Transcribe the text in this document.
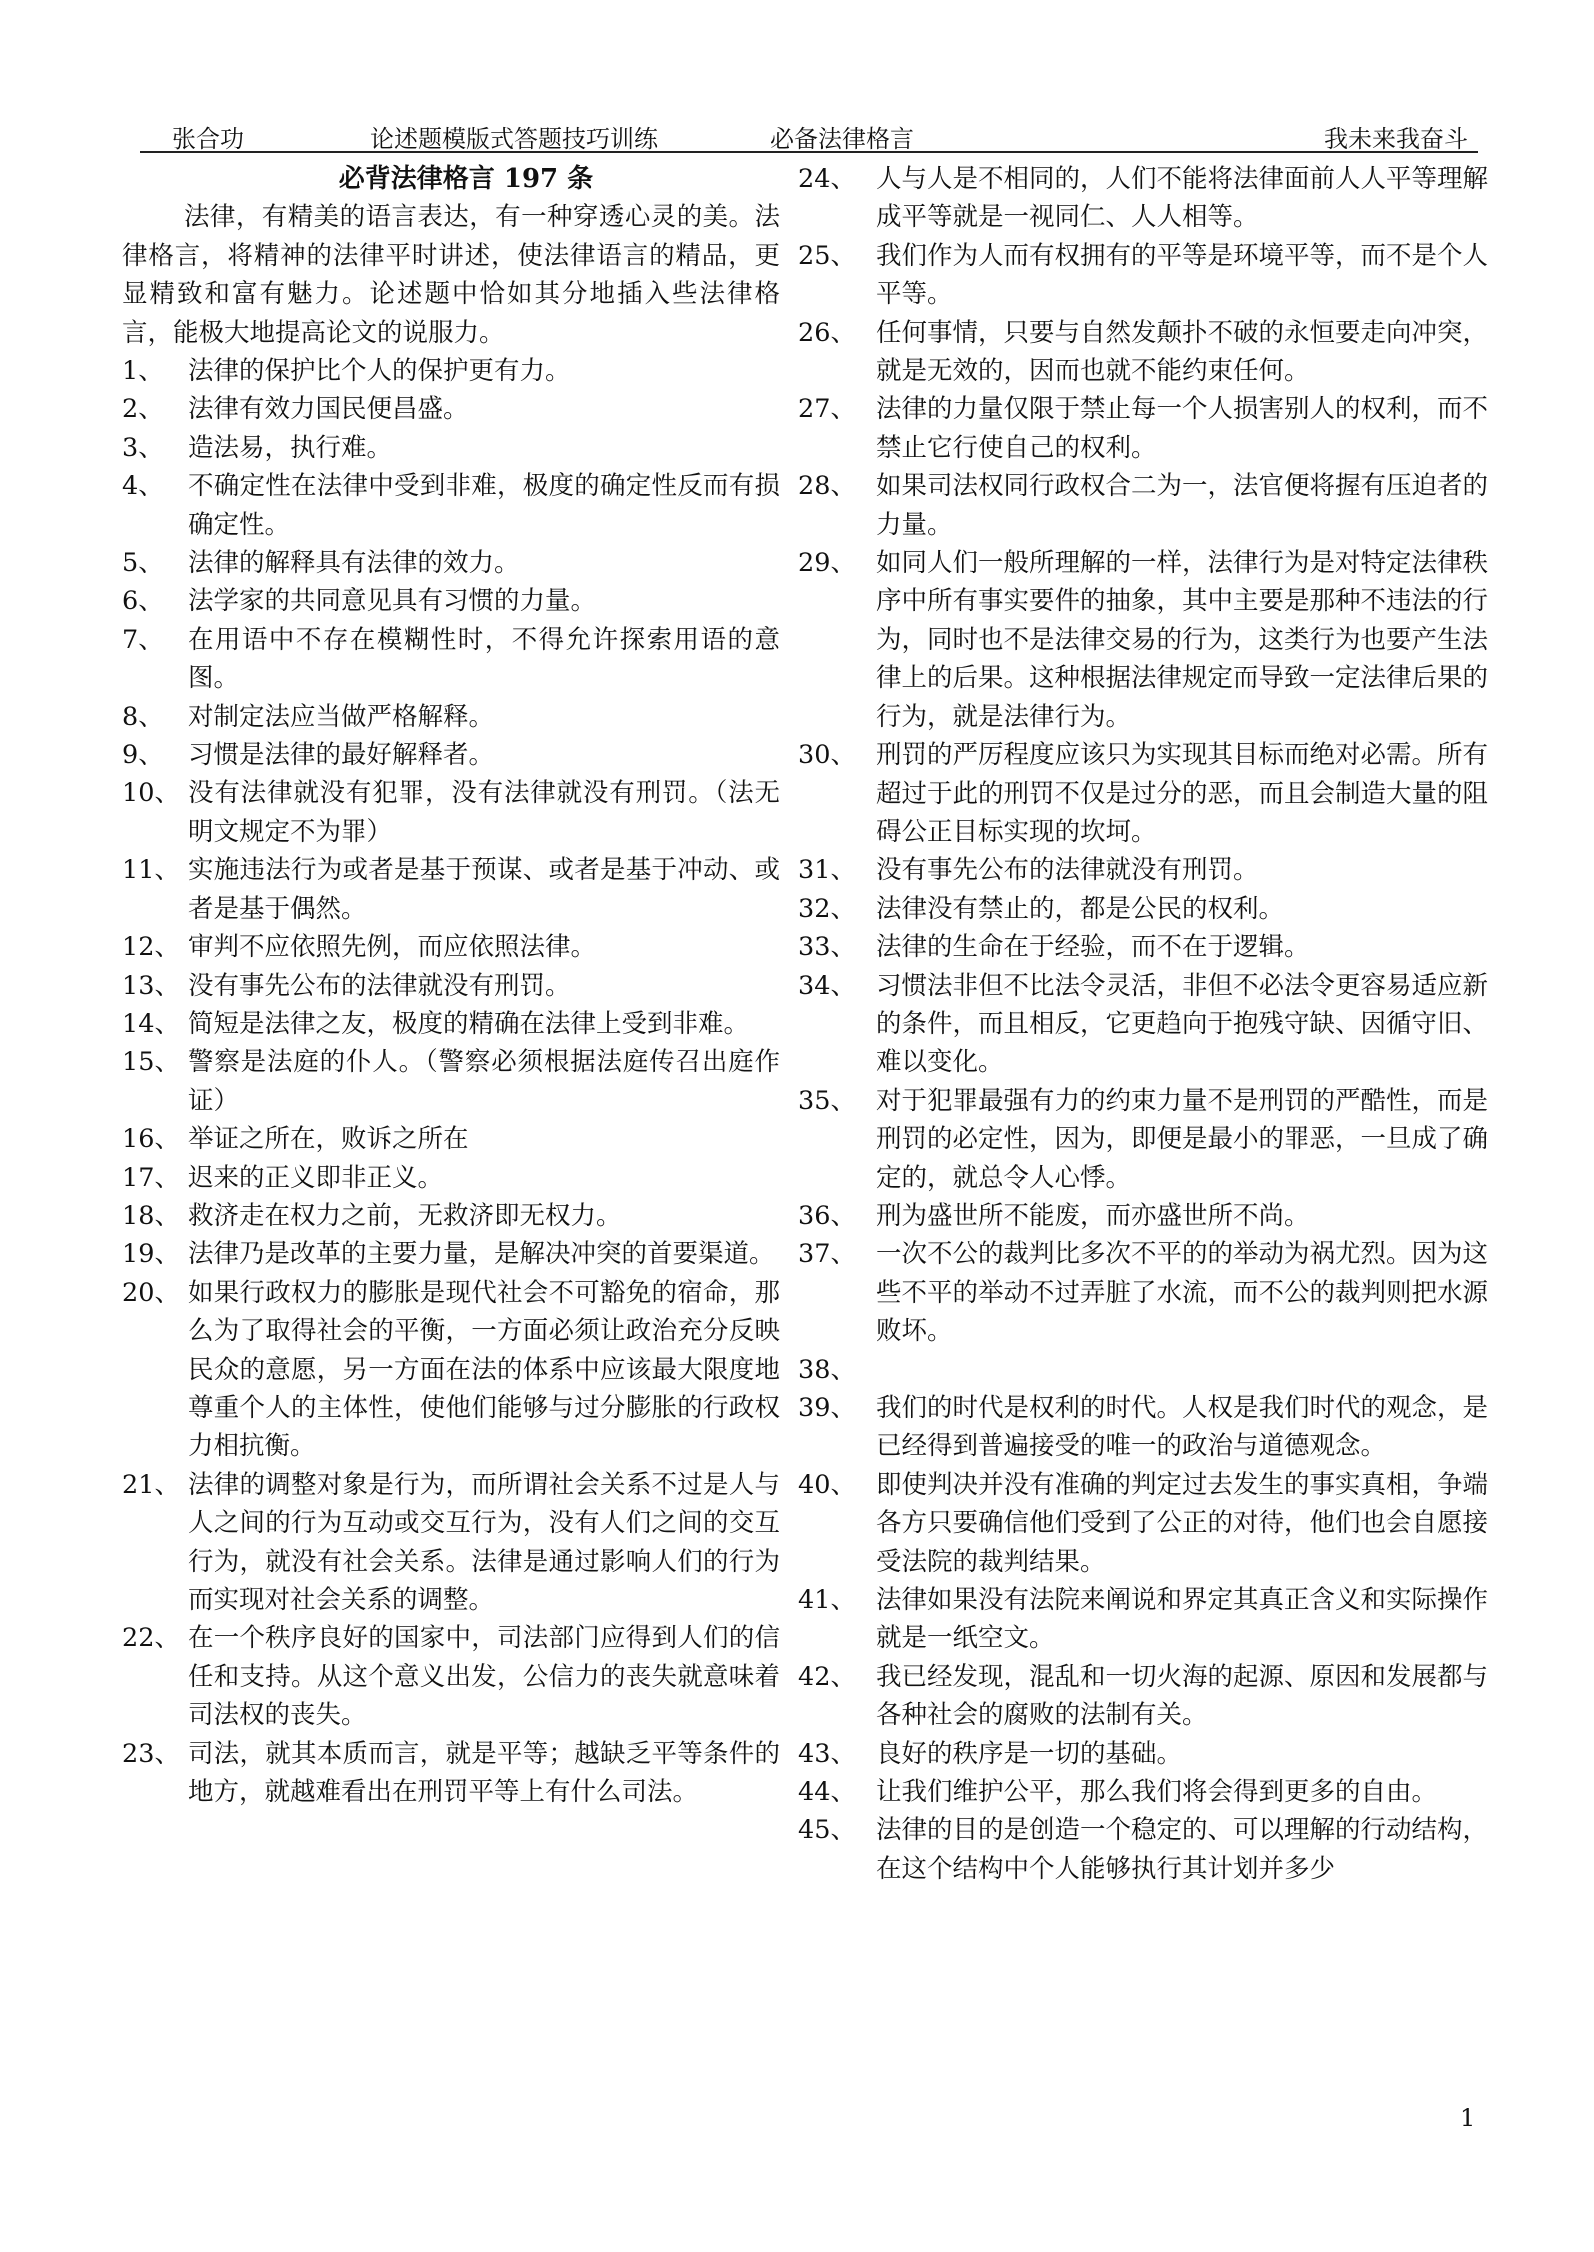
张合功	论述题模版式答题技巧训练	必备法律格言	我未来我奋斗
必背法律格言 197 条

法律，有精美的语言表达，有一种穿透心灵的美。法律格言，将精神的法律平时讲述，使法律语言的精品，更显精致和富有魅力。论述题中恰如其分地插入些法律格言，能极大地提高论文的说服力。

1、 法律的保护比个人的保护更有力。
2、 法律有效力国民便昌盛。
3、 造法易，执行难。
4、 不确定性在法律中受到非难，极度的确定性反而有损确定性。
5、 法律的解释具有法律的效力。
6、 法学家的共同意见具有习惯的力量。
7、 在用语中不存在模糊性时，不得允许探索用语的意图。
8、 对制定法应当做严格解释。
9、 习惯是法律的最好解释者。
10、 没有法律就没有犯罪，没有法律就没有刑罚。（法无明文规定不为罪）
11、 实施违法行为或者是基于预谋、或者是基于冲动、或者是基于偶然。
12、 审判不应依照先例，而应依照法律。
13、 没有事先公布的法律就没有刑罚。
14、 简短是法律之友，极度的精确在法律上受到非难。
15、 警察是法庭的仆人。（警察必须根据法庭传召出庭作证）
16、 举证之所在，败诉之所在
17、 迟来的正义即非正义。
18、 救济走在权力之前，无救济即无权力。
19、 法律乃是改革的主要力量，是解决冲突的首要渠道。
20、 如果行政权力的膨胀是现代社会不可豁免的宿命，那么为了取得社会的平衡，一方面必须让政治充分反映民众的意愿，另一方面在法的体系中应该最大限度地尊重个人的主体性，使他们能够与过分膨胀的行政权力相抗衡。
21、 法律的调整对象是行为，而所谓社会关系不过是人与人之间的行为互动或交互行为，没有人们之间的交互行为，就没有社会关系。法律是通过影响人们的行为而实现对社会关系的调整。
22、 在一个秩序良好的国家中，司法部门应得到人们的信任和支持。从这个意义出发，公信力的丧失就意味着司法权的丧失。
23、 司法，就其本质而言，就是平等；越缺乏平等条件的地方，就越难看出在刑罚平等上有什么司法。
24、 人与人是不相同的，人们不能将法律面前人人平等理解成平等就是一视同仁、人人相等。
25、 我们作为人而有权拥有的平等是环境平等，而不是个人平等。
26、 任何事情，只要与自然发颠扑不破的永恒要走向冲突，就是无效的，因而也就不能约束任何。
27、 法律的力量仅限于禁止每一个人损害别人的权利，而不禁止它行使自己的权利。
28、 如果司法权同行政权合二为一，法官便将握有压迫者的力量。
29、 如同人们一般所理解的一样，法律行为是对特定法律秩序中所有事实要件的抽象，其中主要是那种不违法的行为，同时也不是法律交易的行为，这类行为也要产生法律上的后果。这种根据法律规定而导致一定法律后果的行为，就是法律行为。
30、 刑罚的严厉程度应该只为实现其目标而绝对必需。所有超过于此的刑罚不仅是过分的恶，而且会制造大量的阻碍公正目标实现的坎坷。
31、 没有事先公布的法律就没有刑罚。
32、 法律没有禁止的，都是公民的权利。
33、 法律的生命在于经验，而不在于逻辑。
34、 习惯法非但不比法令灵活，非但不必法令更容易适应新的条件，而且相反，它更趋向于抱残守缺、因循守旧、难以变化。
35、 对于犯罪最强有力的约束力量不是刑罚的严酷性，而是刑罚的必定性，因为，即便是最小的罪恶，一旦成了确定的，就总令人心悸。
36、 刑为盛世所不能废，而亦盛世所不尚。
37、 一次不公的裁判比多次不平的的举动为祸尤烈。因为这些不平的举动不过弄脏了水流，而不公的裁判则把水源败坏。
38、
39、 我们的时代是权利的时代。人权是我们时代的观念，是已经得到普遍接受的唯一的政治与道德观念。
40、 即使判决并没有准确的判定过去发生的事实真相，争端各方只要确信他们受到了公正的对待，他们也会自愿接受法院的裁判结果。
41、 法律如果没有法院来阐说和界定其真正含义和实际操作就是一纸空文。
42、 我已经发现，混乱和一切火海的起源、原因和发展都与各种社会的腐败的法制有关。
43、 良好的秩序是一切的基础。
44、 让我们维护公平，那么我们将会得到更多的自由。
45、 法律的目的是创造一个稳定的、可以理解的行动结构，在这个结构中个人能够执行其计划并多少
1
